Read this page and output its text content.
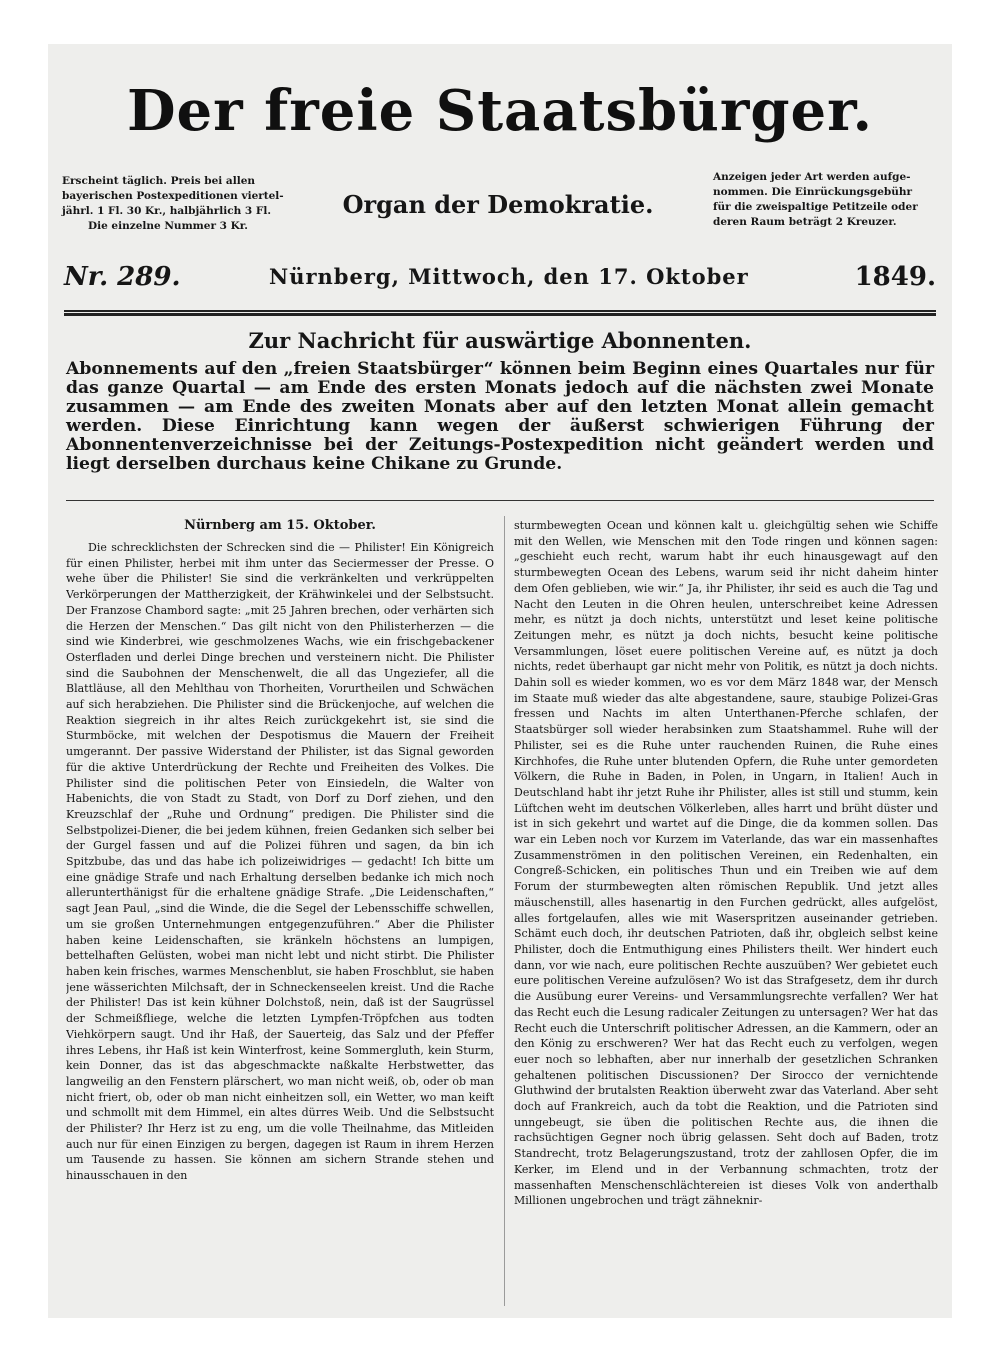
Der freie Staatsbürger.
Erscheint täglich. Preis bei allen
bayerischen Postexpeditionen viertel-
jährl. 1 Fl. 30 Kr., halbjährlich 3 Fl.
Die einzelne Nummer 3 Kr.
Organ der Demokratie.
Anzeigen jeder Art werden aufge-
nommen. Die Einrückungsgebühr
für die zweispaltige Petitzeile oder
deren Raum beträgt 2 Kreuzer.
Nr. 289.	Nürnberg, Mittwoch, den 17. Oktober	1849.
Zur Nachricht für auswärtige Abonnenten.
Abonnements auf den „freien Staatsbürger“ können beim Beginn eines Quartales nur für das ganze Quartal — am Ende des ersten Monats jedoch auf die nächsten zwei Monate zusammen — am Ende des zweiten Monats aber auf den letzten Monat allein gemacht werden. Diese Einrichtung kann wegen der äußerst schwierigen Führung der Abonnentenverzeichnisse bei der Zeitungs-Postexpedition nicht geändert werden und liegt derselben durchaus keine Chikane zu Grunde.
Nürnberg am 15. Oktober.

Die schrecklichsten der Schrecken sind die — Philister! Ein Königreich für einen Philister, herbei mit ihm unter das Seciermesser der Presse. O wehe über die Philister! Sie sind die verkränkelten und verkrüppelten Verkörperungen der Mattherzigkeit, der Krähwinkelei und der Selbstsucht. Der Franzose Chambord sagte: „mit 25 Jahren brechen, oder verhärten sich die Herzen der Menschen.“ Das gilt nicht von den Philisterherzen — die sind wie Kinderbrei, wie geschmolzenes Wachs, wie ein frischgebackener Osterfladen und derlei Dinge brechen und versteinern nicht. Die Philister sind die Saubohnen der Menschenwelt, die all das Ungeziefer, all die Blattläuse, all den Mehlthau von Thorheiten, Vorurtheilen und Schwächen auf sich herabziehen. Die Philister sind die Brückenjoche, auf welchen die Reaktion siegreich in ihr altes Reich zurückgekehrt ist, sie sind die Sturmböcke, mit welchen der Despotismus die Mauern der Freiheit umgerannt. Der passive Widerstand der Philister, ist das Signal geworden für die aktive Unterdrückung der Rechte und Freiheiten des Volkes. Die Philister sind die politischen Peter von Einsiedeln, die Walter von Habenichts, die von Stadt zu Stadt, von Dorf zu Dorf ziehen, und den Kreuzschlaf der „Ruhe und Ordnung“ predigen. Die Philister sind die Selbstpolizei-Diener, die bei jedem kühnen, freien Gedanken sich selber bei der Gurgel fassen und auf die Polizei führen und sagen, da bin ich Spitzbube, das und das habe ich polizeiwidriges — gedacht! Ich bitte um eine gnädige Strafe und nach Erhaltung derselben bedanke ich mich noch allerunterthänigst für die erhaltene gnädige Strafe. „Die Leidenschaften,“ sagt Jean Paul, „sind die Winde, die die Segel der Lebensschiffe schwellen, um sie großen Unternehmungen entgegenzuführen.“ Aber die Philister haben keine Leidenschaften, sie kränkeln höchstens an lumpigen, bettelhaften Gelüsten, wobei man nicht lebt und nicht stirbt. Die Philister haben kein frisches, warmes Menschenblut, sie haben Froschblut, sie haben jene wässerichten Milchsaft, der in Schneckenseelen kreist. Und die Rache der Philister! Das ist kein kühner Dolchstoß, nein, daß ist der Saugrüssel der Schmeißfliege, welche die letzten Lympfen-Tröpfchen aus todten Viehkörpern saugt. Und ihr Haß, der Sauerteig, das Salz und der Pfeffer ihres Lebens, ihr Haß ist kein Winterfrost, keine Sommergluth, kein Sturm, kein Donner, das ist das abgeschmackte naßkalte Herbstwetter, das langweilig an den Fenstern plärschert, wo man nicht weiß, ob, oder ob man nicht friert, ob, oder ob man nicht einheitzen soll, ein Wetter, wo man keift und schmollt mit dem Himmel, ein altes dürres Weib. Und die Selbstsucht der Philister? Ihr Herz ist zu eng, um die volle Theilnahme, das Mitleiden auch nur für einen Einzigen zu bergen, dagegen ist Raum in ihrem Herzen um Tausende zu hassen. Sie können am sichern Strande stehen und hinausschauen in den

sturmbewegten Ocean und können kalt u. gleichgültig sehen wie Schiffe mit den Wellen, wie Menschen mit den Tode ringen und können sagen: „geschieht euch recht, warum habt ihr euch hinausgewagt auf den sturmbewegten Ocean des Lebens, warum seid ihr nicht daheim hinter dem Ofen geblieben, wie wir.“ Ja, ihr Philister, ihr seid es auch die Tag und Nacht den Leuten in die Ohren heulen, unterschreibet keine Adressen mehr, es nützt ja doch nichts, unterstützt und leset keine politische Zeitungen mehr, es nützt ja doch nichts, besucht keine politische Versammlungen, löset euere politischen Vereine auf, es nützt ja doch nichts, redet überhaupt gar nicht mehr von Politik, es nützt ja doch nichts. Dahin soll es wieder kommen, wo es vor dem März 1848 war, der Mensch im Staate muß wieder das alte abgestandene, saure, staubige Polizei-Gras fressen und Nachts im alten Unterthanen-Pferche schlafen, der Staatsbürger soll wieder herabsinken zum Staatshammel. Ruhe will der Philister, sei es die Ruhe unter rauchenden Ruinen, die Ruhe eines Kirchhofes, die Ruhe unter blutenden Opfern, die Ruhe unter gemordeten Völkern, die Ruhe in Baden, in Polen, in Ungarn, in Italien! Auch in Deutschland habt ihr jetzt Ruhe ihr Philister, alles ist still und stumm, kein Lüftchen weht im deutschen Völkerleben, alles harrt und brüht düster und ist in sich gekehrt und wartet auf die Dinge, die da kommen sollen. Das war ein Leben noch vor Kurzem im Vaterlande, das war ein massenhaftes Zusammenströmen in den politischen Vereinen, ein Redenhalten, ein Congreß-Schicken, ein politisches Thun und ein Treiben wie auf dem Forum der sturmbewegten alten römischen Republik. Und jetzt alles mäuschenstill, alles hasenartig in den Furchen gedrückt, alles aufgelöst, alles fortgelaufen, alles wie mit Waserspritzen auseinander getrieben. Schämt euch doch, ihr deutschen Patrioten, daß ihr, obgleich selbst keine Philister, doch die Entmuthigung eines Philisters theilt. Wer hindert euch dann, vor wie nach, eure politischen Rechte auszuüben? Wer gebietet euch eure politischen Vereine aufzulösen? Wo ist das Strafgesetz, dem ihr durch die Ausübung eurer Vereins- und Versammlungsrechte verfallen? Wer hat das Recht euch die Lesung radicaler Zeitungen zu untersagen? Wer hat das Recht euch die Unterschrift politischer Adressen, an die Kammern, oder an den König zu erschweren? Wer hat das Recht euch zu verfolgen, wegen euer noch so lebhaften, aber nur innerhalb der gesetzlichen Schranken gehaltenen politischen Discussionen? Der Sirocco der vernichtende Gluthwind der brutalsten Reaktion überweht zwar das Vaterland. Aber seht doch auf Frankreich, auch da tobt die Reaktion, und die Patrioten sind unngebeugt, sie üben die politischen Rechte aus, die ihnen die rachsüchtigen Gegner noch übrig gelassen. Seht doch auf Baden, trotz Standrecht, trotz Belagerungszustand, trotz der zahllosen Opfer, die im Kerker, im Elend und in der Verbannung schmachten, trotz der massenhaften Menschenschlächtereien ist dieses Volk von anderthalb Millionen ungebrochen und trägt zähneknir-
